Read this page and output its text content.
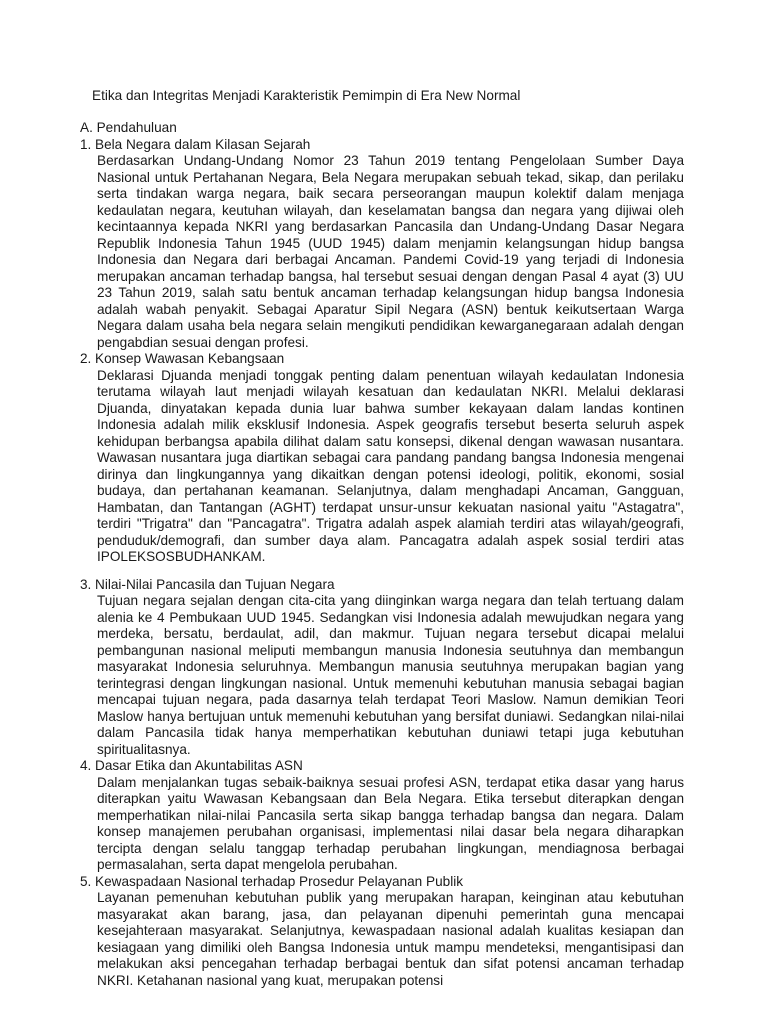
Etika dan Integritas Menjadi Karakteristik Pemimpin di Era New Normal

A. Pendahuluan

1. Bela Negara dalam Kilasan Sejarah

Berdasarkan Undang-Undang Nomor 23 Tahun 2019 tentang Pengelolaan Sumber Daya Nasional untuk Pertahanan Negara, Bela Negara merupakan sebuah tekad, sikap, dan perilaku serta tindakan warga negara, baik secara perseorangan maupun kolektif dalam menjaga kedaulatan negara, keutuhan wilayah, dan keselamatan bangsa dan negara yang dijiwai oleh kecintaannya kepada NKRI yang berdasarkan Pancasila dan Undang-Undang Dasar Negara Republik Indonesia Tahun 1945 (UUD 1945) dalam menjamin kelangsungan hidup bangsa Indonesia dan Negara dari berbagai Ancaman. Pandemi Covid-19 yang terjadi di Indonesia merupakan ancaman terhadap bangsa, hal tersebut sesuai dengan dengan Pasal 4 ayat (3) UU 23 Tahun 2019, salah satu bentuk ancaman terhadap kelangsungan hidup bangsa Indonesia adalah wabah penyakit. Sebagai Aparatur Sipil Negara (ASN) bentuk keikutsertaan Warga Negara dalam usaha bela negara selain mengikuti pendidikan kewarganegaraan adalah dengan pengabdian sesuai dengan profesi.

2. Konsep Wawasan Kebangsaan

Deklarasi Djuanda menjadi tonggak penting dalam penentuan wilayah kedaulatan Indonesia terutama wilayah laut menjadi wilayah kesatuan dan kedaulatan NKRI. Melalui deklarasi Djuanda, dinyatakan kepada dunia luar bahwa sumber kekayaan dalam landas kontinen Indonesia adalah milik eksklusif Indonesia. Aspek geografis tersebut beserta seluruh aspek kehidupan berbangsa apabila dilihat dalam satu konsepsi, dikenal dengan wawasan nusantara. Wawasan nusantara juga diartikan sebagai cara pandang pandang bangsa Indonesia mengenai dirinya dan lingkungannya yang dikaitkan dengan potensi ideologi, politik, ekonomi, sosial budaya, dan pertahanan keamanan. Selanjutnya, dalam menghadapi Ancaman, Gangguan, Hambatan, dan Tantangan (AGHT) terdapat unsur-unsur kekuatan nasional yaitu "Astagatra", terdiri "Trigatra" dan "Pancagatra". Trigatra adalah aspek alamiah terdiri atas wilayah/geografi, penduduk/demografi, dan sumber daya alam. Pancagatra adalah aspek sosial terdiri atas IPOLEKSOSBUDHANKAM.

3. Nilai-Nilai Pancasila dan Tujuan Negara

Tujuan negara sejalan dengan cita-cita yang diinginkan warga negara dan telah tertuang dalam alenia ke 4 Pembukaan UUD 1945. Sedangkan visi Indonesia adalah mewujudkan negara yang merdeka, bersatu, berdaulat, adil, dan makmur. Tujuan negara tersebut dicapai melalui pembangunan nasional meliputi membangun manusia Indonesia seutuhnya dan membangun masyarakat Indonesia seluruhnya. Membangun manusia seutuhnya merupakan bagian yang terintegrasi dengan lingkungan nasional. Untuk memenuhi kebutuhan manusia sebagai bagian mencapai tujuan negara, pada dasarnya telah terdapat Teori Maslow. Namun demikian Teori Maslow hanya bertujuan untuk memenuhi kebutuhan yang bersifat duniawi. Sedangkan nilai-nilai dalam Pancasila tidak hanya memperhatikan kebutuhan duniawi tetapi juga kebutuhan spiritualitasnya.

4. Dasar Etika dan Akuntabilitas ASN

Dalam menjalankan tugas sebaik-baiknya sesuai profesi ASN, terdapat etika dasar yang harus diterapkan yaitu Wawasan Kebangsaan dan Bela Negara. Etika tersebut diterapkan dengan memperhatikan nilai-nilai Pancasila serta sikap bangga terhadap bangsa dan negara. Dalam konsep manajemen perubahan organisasi, implementasi nilai dasar bela negara diharapkan tercipta dengan selalu tanggap terhadap perubahan lingkungan, mendiagnosa berbagai permasalahan, serta dapat mengelola perubahan.

5. Kewaspadaan Nasional terhadap Prosedur Pelayanan Publik

Layanan pemenuhan kebutuhan publik yang merupakan harapan, keinginan atau kebutuhan masyarakat akan barang, jasa, dan pelayanan dipenuhi pemerintah guna mencapai kesejahteraan masyarakat. Selanjutnya, kewaspadaan nasional adalah kualitas kesiapan dan kesiagaan yang dimiliki oleh Bangsa Indonesia untuk mampu mendeteksi, mengantisipasi dan melakukan aksi pencegahan terhadap berbagai bentuk dan sifat potensi ancaman terhadap NKRI. Ketahanan nasional yang kuat, merupakan potensi
